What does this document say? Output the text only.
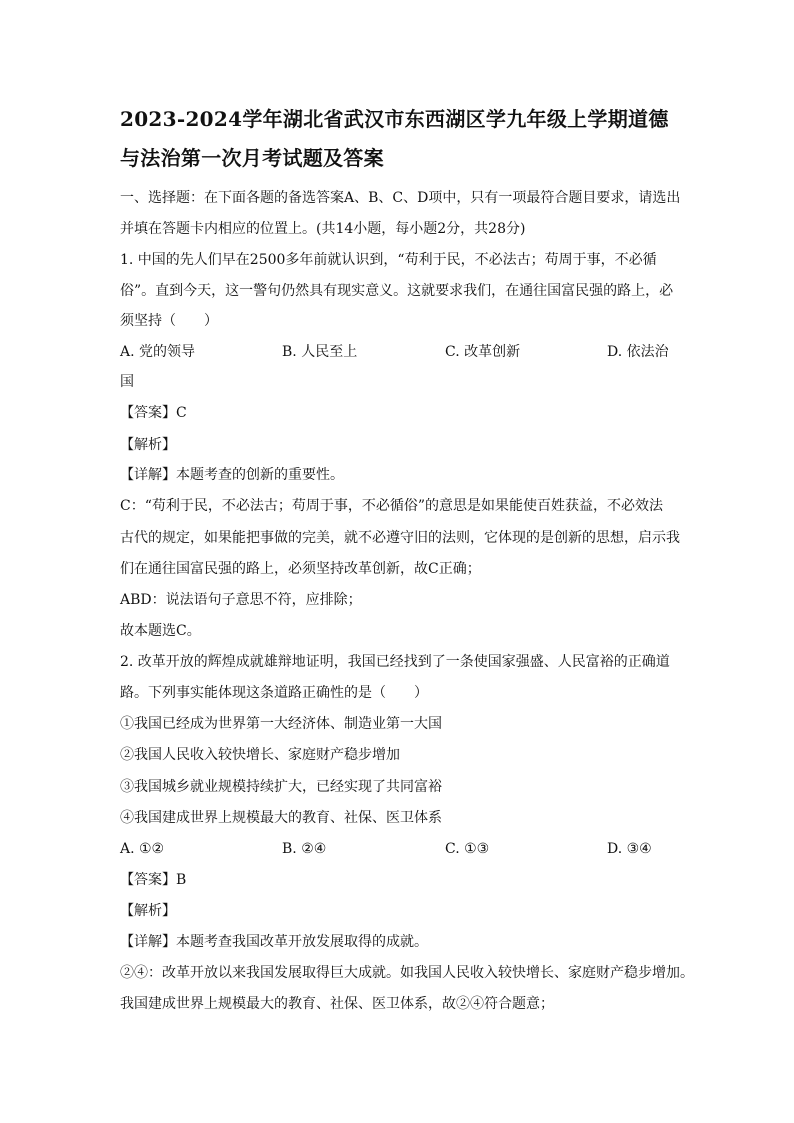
2023-2024学年湖北省武汉市东西湖区学九年级上学期道德
与法治第一次月考试题及答案
一、选择题：在下面各题的备选答案A、B、C、D项中，只有一项最符合题目要求，请选出
并填在答题卡内相应的位置上。(共14小题，每小题2分，共28分)
1. 中国的先人们早在2500多年前就认识到，“苟利于民，不必法古；苟周于事，不必循
俗”。直到今天，这一警句仍然具有现实意义。这就要求我们，在通往国富民强的路上，必
须坚持（　　）
A. 党的领导	B. 人民至上	C. 改革创新	D. 依法治
国
【答案】C
【解析】
【详解】本题考查的创新的重要性。
C：“苟利于民，不必法古；苟周于事，不必循俗”的意思是如果能使百姓获益，不必效法
古代的规定，如果能把事做的完美，就不必遵守旧的法则，它体现的是创新的思想，启示我
们在通往国富民强的路上，必须坚持改革创新，故C正确；
ABD：说法语句子意思不符，应排除；
故本题选C。
2. 改革开放的辉煌成就雄辩地证明，我国已经找到了一条使国家强盛、人民富裕的正确道
路。下列事实能体现这条道路正确性的是（　　）
①我国已经成为世界第一大经济体、制造业第一大国
②我国人民收入较快增长、家庭财产稳步增加
③我国城乡就业规模持续扩大，已经实现了共同富裕
④我国建成世界上规模最大的教育、社保、医卫体系
A. ①②	B. ②④	C. ①③	D. ③④
【答案】B
【解析】
【详解】本题考查我国改革开放发展取得的成就。
②④：改革开放以来我国发展取得巨大成就。如我国人民收入较快增长、家庭财产稳步增加。
我国建成世界上规模最大的教育、社保、医卫体系，故②④符合题意；
